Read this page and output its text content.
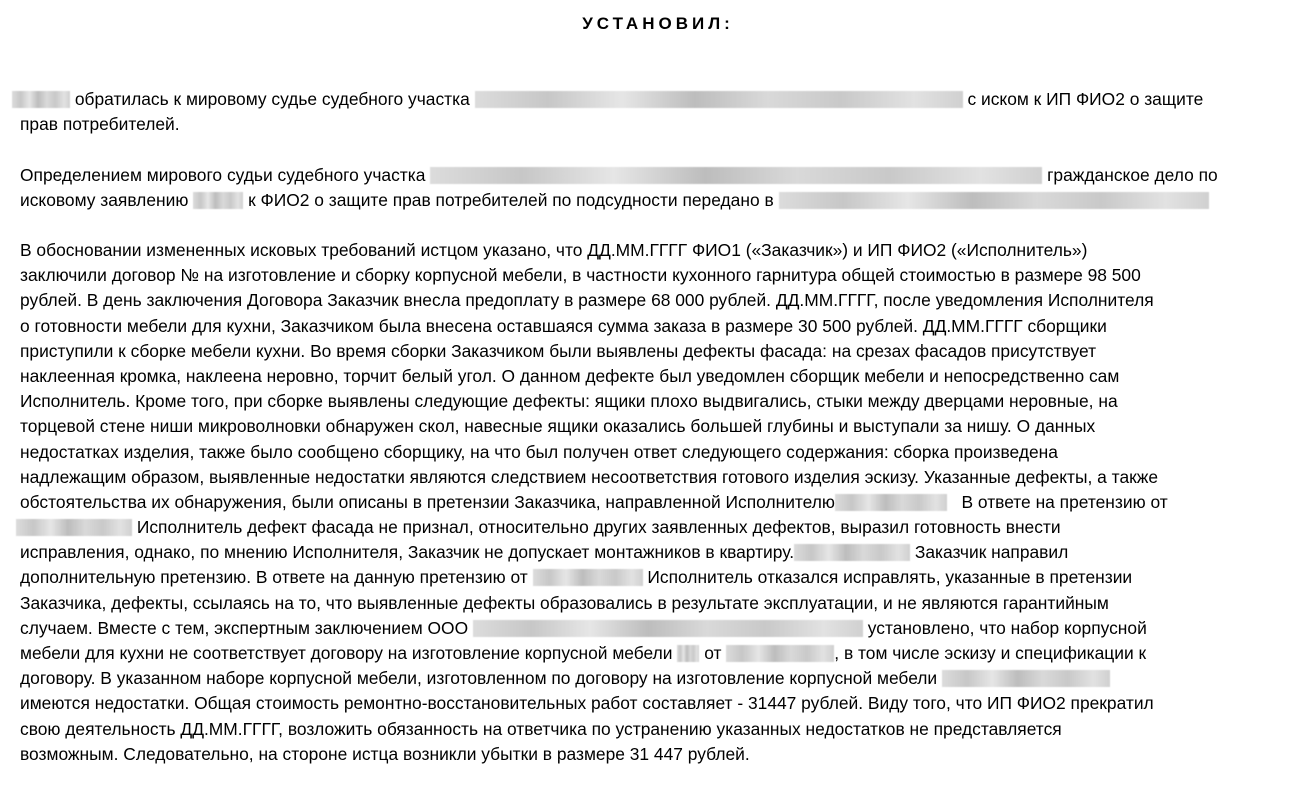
УСТАНОВИЛ:
обратилась к мировому судье судебного участка	с иском к ИП ФИО2 о защите
прав потребителей.
Определением мирового судьи судебного участка	гражданское дело по
исковому заявлению	к ФИО2 о защите прав потребителей по подсудности передано в
В обосновании измененных исковых требований истцом указано, что ДД.ММ.ГГГГ ФИО1 («Заказчик») и ИП ФИО2 («Исполнитель»)
заключили договор № на изготовление и сборку корпусной мебели, в частности кухонного гарнитура общей стоимостью в размере 98 500
рублей. В день заключения Договора Заказчик внесла предоплату в размере 68 000 рублей. ДД.ММ.ГГГГ, после уведомления Исполнителя
о готовности мебели для кухни, Заказчиком была внесена оставшаяся сумма заказа в размере 30 500 рублей. ДД.ММ.ГГГГ сборщики
приступили к сборке мебели кухни. Во время сборки Заказчиком были выявлены дефекты фасада: на срезах фасадов присутствует
наклеенная кромка, наклеена неровно, торчит белый угол. О данном дефекте был уведомлен сборщик мебели и непосредственно сам
Исполнитель. Кроме того, при сборке выявлены следующие дефекты: ящики плохо выдвигались, стыки между дверцами неровные, на
торцевой стене ниши микроволновки обнаружен скол, навесные ящики оказались большей глубины и выступали за нишу. О данных
недостатках изделия, также было сообщено сборщику, на что был получен ответ следующего содержания: сборка произведена
надлежащим образом, выявленные недостатки являются следствием несоответствия готового изделия эскизу. Указанные дефекты, а также
обстоятельства их обнаружения, были описаны в претензии Заказчика, направленной Исполнителю	В ответе на претензию от
Исполнитель дефект фасада не признал, относительно других заявленных дефектов, выразил готовность внести
исправления, однако, по мнению Исполнителя, Заказчик не допускает монтажников в квартиру.	Заказчик направил
дополнительную претензию. В ответе на данную претензию от	Исполнитель отказался исправлять, указанные в претензии
Заказчика, дефекты, ссылаясь на то, что выявленные дефекты образовались в результате эксплуатации, и не являются гарантийным
случаем. Вместе с тем, экспертным заключением ООО	установлено, что набор корпусной
мебели для кухни не соответствует договору на изготовление корпусной мебели от	, в том числе эскизу и спецификации к
договору. В указанном наборе корпусной мебели, изготовленном по договору на изготовление корпусной мебели
имеются недостатки. Общая стоимость ремонтно-восстановительных работ составляет - 31447 рублей. Виду того, что ИП ФИО2 прекратил
свою деятельность ДД.ММ.ГГГГ, возложить обязанность на ответчика по устранению указанных недостатков не представляется
возможным. Следовательно, на стороне истца возникли убытки в размере 31 447 рублей.
